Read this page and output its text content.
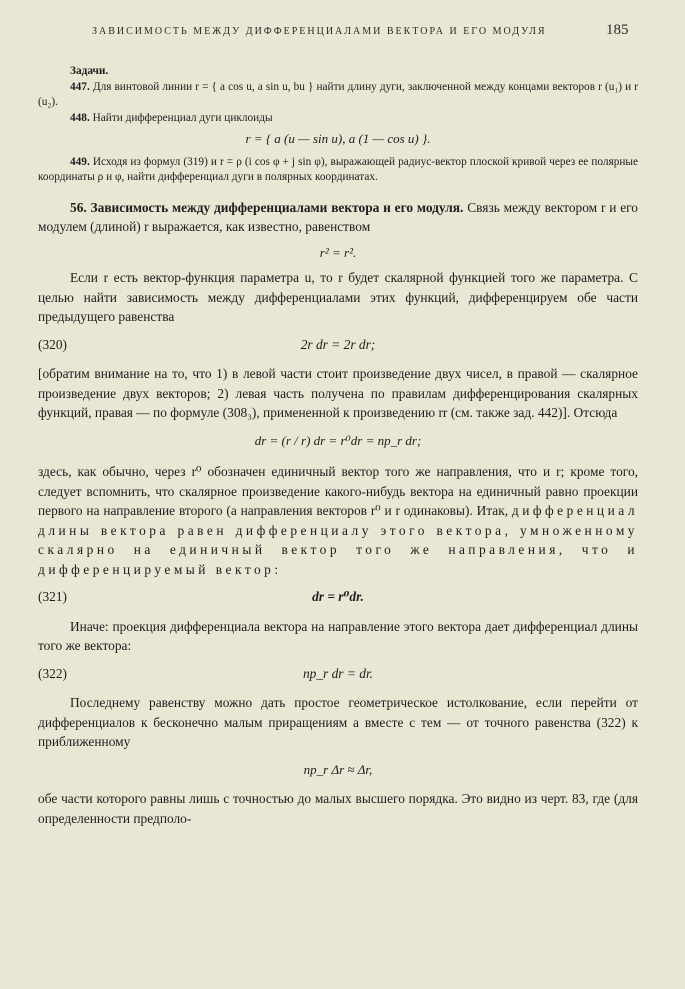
ЗАВИСИМОСТЬ МЕЖДУ ДИФФЕРЕНЦИАЛАМИ ВЕКТОРА И ЕГО МОДУЛЯ	185

Задачи.

447. Для винтовой линии r = { a cos u, a sin u, bu } найти длину дуги, заключенной между концами векторов r (u₁) и r (u₂).

448. Найти дифференциал дуги циклоиды

r = { a (u — sin u), a (1 — cos u) }.

449. Исходя из формул (319) и r = ρ (i cos φ + j sin φ), выражающей радиус-вектор плоской кривой через ее полярные координаты ρ и φ, найти дифференциал дуги в полярных координатах.

56. Зависимость между дифференциалами вектора и его модуля. Связь между вектором r и его модулем (длиной) r выражается, как известно, равенством

r² = r².

Если r есть вектор-функция параметра u, то r будет скалярной функцией того же параметра. С целью найти зависимость между дифференциалами этих функций, дифференцируем обе части предыдущего равенства

(320)	2r dr = 2r dr;

[обратим внимание на то, что 1) в левой части стоит произведение двух чисел, в правой — скалярное произведение двух векторов; 2) левая часть получена по правилам дифференцирования скалярных функций, правая — по формуле (308₃), примененной к произведению rr (см. также зад. 442)]. Отсюда

dr = (r / r) dr = r⁰dr = пр_r dr;

здесь, как обычно, через r⁰ обозначен единичный вектор того же направления, что и r; кроме того, следует вспомнить, что скалярное произведение какого-нибудь вектора на единичный равно проекции первого на направление второго (а направления векторов r⁰ и r одинаковы). Итак, дифференциал длины вектора равен дифференциалу этого вектора, умноженному скалярно на единичный вектор того же направления, что и дифференцируемый вектор:

(321)	dr = r⁰dr.

Иначе: проекция дифференциала вектора на направление этого вектора дает дифференциал длины того же вектора:

(322)	пр_r dr = dr.

Последнему равенству можно дать простое геометрическое истолкование, если перейти от дифференциалов к бесконечно малым приращениям а вместе с тем — от точного равенства (322) к приближенному

пр_r Δr ≈ Δr,

обе части которого равны лишь с точностью до малых высшего порядка. Это видно из черт. 83, где (для определенности предполо-
